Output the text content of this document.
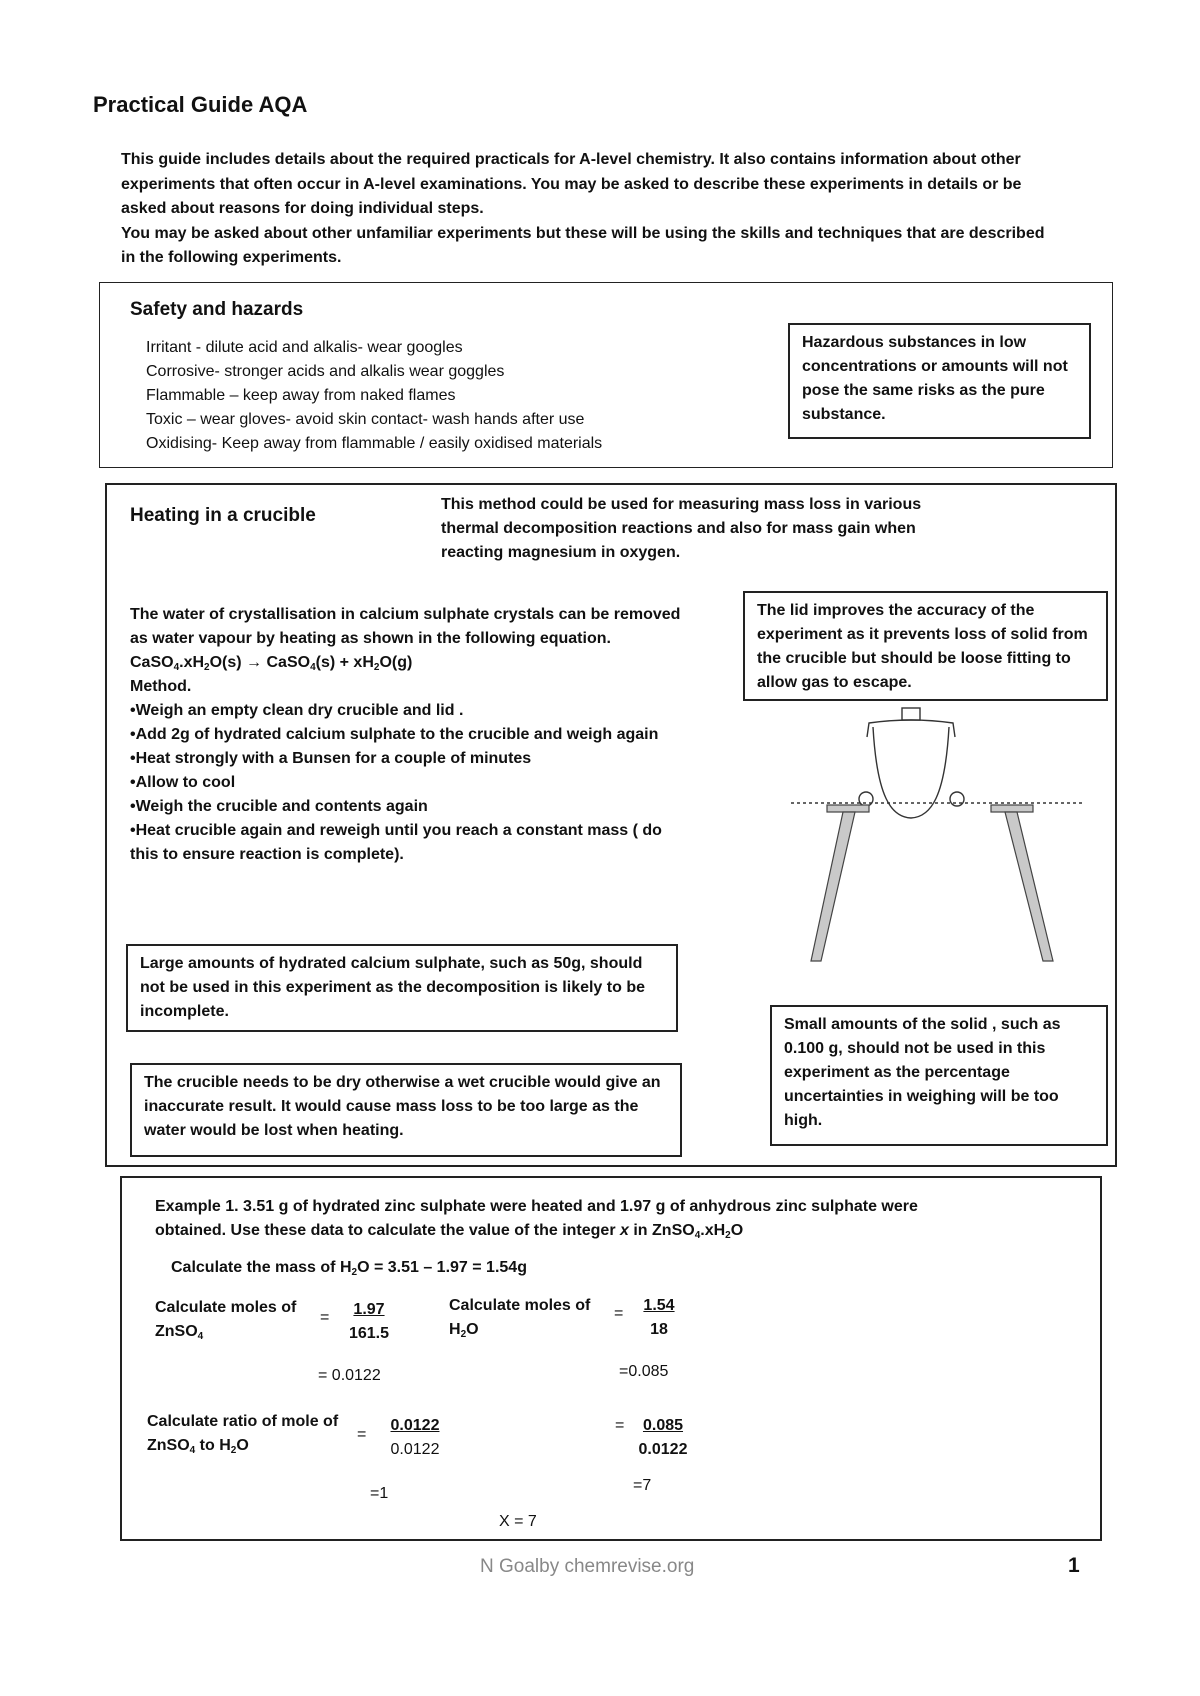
Practical Guide AQA

This guide includes details about the required practicals for A-level chemistry. It also contains information about other experiments that often occur in A-level examinations. You may be asked to describe these experiments in details or be asked about reasons for doing individual steps.

You may be asked about other unfamiliar experiments but these will be using the skills and techniques that are described in the following experiments.

Safety and hazards

Irritant - dilute acid and alkalis- wear googles

Corrosive- stronger acids and alkalis wear goggles

Flammable – keep away from naked flames

Toxic – wear gloves- avoid skin contact- wash hands after use

Oxidising- Keep away from flammable / easily oxidised materials

Hazardous substances in low concentrations or amounts will not pose the same risks as the pure substance.
Heating in a crucible
This method could be used for measuring mass loss in various thermal decomposition reactions and also for mass gain when reacting magnesium in oxygen.

The water of crystallisation in calcium sulphate crystals can be removed as water vapour by heating as shown in the following equation.

$CaSO_4.xH_2O(s)$ → CaSO$_4$(s) + $xH_2O(g)$

Method.

•Weigh an empty clean dry crucible and lid .

•Add 2g of hydrated calcium sulphate to the crucible and weigh again

•Heat strongly with a Bunsen for a couple of minutes

•Allow to cool

•Weigh the crucible and contents again

•Heat crucible again and reweigh until you reach a constant mass ( do this to ensure reaction is complete).

The lid improves the accuracy of the experiment as it prevents loss of solid from the crucible but should be loose fitting to allow gas to escape.
Large amounts of hydrated calcium sulphate, such as 50g, should not be used in this experiment as the decomposition is likely to be incomplete.
Small amounts of the solid , such as 0.100 g, should not be used in this experiment as the percentage uncertainties in weighing will be too high.
The crucible needs to be dry otherwise a wet crucible would give an inaccurate result. It would cause mass loss to be too large as the water would be lost when heating.
Example 1. 3.51 g of hydrated zinc sulphate were heated and 1.97 g of anhydrous zinc sulphate were
obtained. Use these data to calculate the value of the integer x in $ZnSO_4.xH_2O$
Calculate the mass of $H_2O = 3.51 - 1.97 = 1.54g$
Calculate moles of
ZnSO$_4$
= $\frac{1.97}{161.5}$
= 0.0122
Calculate moles of
$H_2O$
= $\frac{1.54}{18}$
=0.085
Calculate ratio of mole of
ZnSO$_4$ to $H_2O$
= $\frac{0.0122}{0.0122}$
=1
= $\frac{0.085}{0.0122}$
=7
X = 7
N Goalby chemrevise.org	1
